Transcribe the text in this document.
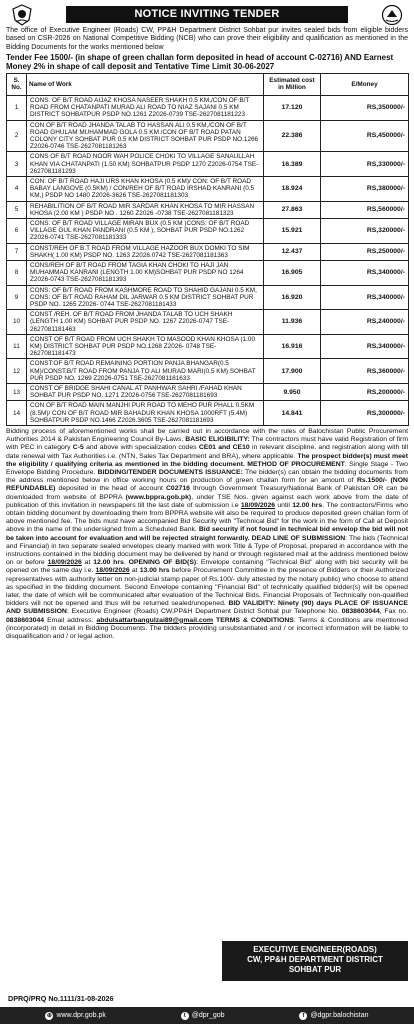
NOTICE INVITING TENDER

The office of Executive Engineer (Roads) CW, PP&H Department District Sohbat pur invites sealed bids from eligible bidders based on CSR-2026 on National Competitive Bidding (NCB) who can prove their eligibility and qualification as mentioned in the Bidding Documents for the works mentioned below

Tender Fee 1500/- (in shape of green challan form deposited in head of account C-02716) AND Earnest Money 2% in shape of call deposit and Tentative Time Limit 30-06-2027

S. No.	Name of Work	Estimated cost in Million	E/Money
1	CONS. OF B/T ROAD AIJAZ KHOSA NASEER SHAKH 0.5 KM,/CON OF B/T ROAD FROM CHATANPATI MURAD ALI ROAD TO NIAZ SAJANI 0.5 KM DISTRICT SOHBATPUR PSDP NO.1261 Z2026-0739 TSE-2627081181223	17.120	RS,350000/-
2	CON OF B/T ROAD JHANDA TALAB TO HASSAN ALI 0.5 KM,/CON OF B/T ROAD GHULAM MUHAMMAD GOLA 0.5 KM /CON OF B/T ROAD PATAN COLONY CITY SOHBAT PUR 0.5 KM DISTRICT SOHBAT PUR PSDP NO.1266 Z2026-0746 TSE-2627081181263	22.386	RS,450000/-
3	CONS OF B/T ROAD NOOR WAH POLICE CHOKI TO VILLAGE SANAULLAH KHAN VIA CHATANPATI (1.50 KM) SOHBATPUR PSDP 1270 Z2026-0754 TSE-2627081181293	16.389	RS,330000/-
4	CON: OF B/T ROAD HAJI URS KHAN KHOSA (0.5 KM)/ CON: OF B/T ROAD BABAY LANGOVE (0.5KM) / CON/REH OF B/T ROAD IRSHAD KANRANI (0.5 KM,) PSDP NO 1480 Z2026-3626 TSE-2627081181303	18.924	RS,380000/-
5	REHABILITION OF B/T ROAD MIR SARDAR KHAN KHOSA TO MIR HASSAN KHOSA (2.00 KM ) PSDP NO . 1260 Z2026 -0738 TSE-2627081181323	27.863	RS,560000/-
6	CONS: OF B/T ROAD VILLAGE MIRAN BUX (0.5 KM )CONS: OF B/T ROAD VILLAGE GUL KHAN PANDRANI (0.5 KM ), SOHBAT PUR PSDP NO.1262 Z2026-0741 TSE-2627081181333	15.921	RS,320000/-
7	CONST/REH OF B.T ROAD FROM VILLAGE HAZOOR BUX DOMKI TO SIM SHAKH( 1.00 KM) PSDP NO. 1263 Z2026.0742 TSE-2627081181363	12.437	RS,250000/-
8	CONS/REH OF B/T ROAD FROM TAGIA KHAN CHOKI TO HAJI JAN MUHAMMAD KANRANI (LENGTH 1.00 KM)SOHBAT PUR PSDP NO 1264 Z2026-0743 TSE-2627081181393	16.905	RS,340000/-
9	CONS: OF B/T ROAD FROM KASHMORE ROAD TO SHAHID GAJANI 0.5 KM, CONS: OF B/T ROAD RAHAM DIL JARWAR 0.5 KM DISTRICT SOHBAT PUR PSDP NO. 1265 Z2026- 0744 TSE-2627081181433	16.920	RS,340000/-
10	CONST /REH. OF B/T ROAD FROM JHANDA TALAB TO UCH SHAKH (LENGTH 1.00 KM) SOHBAT PUR PSDP NO. 1267 Z2026-0747 TSE-2627081181463	11.936	RS,240000/-
11	CONST OF B/T ROAD FROM UCH SHAKH TO MASOOD KHAN KHOSA (1.00 KM) DISTRICT SOHBAT PUR PSDP NO.1268 Z2026- 0748 TSE-2627081181473	16.916	RS,340000/-
12	CONST:OF B/T ROAD REMAINING PORTION PANJA BHANGAR(0.5 KM)/CONST:B/T ROAD FROM PANJA TO ALI MURAD MARI(0.5 KM) SOHBAT PUR PSDP NO. 1269 Z2026-0751 TSE-2627081181633	17.900	RS,360000/-
13	CONST OF BRIDGE SHAHI CANAL AT PANHWAR SAHRI /FAHAD KHAN SOHBAT PUR PSDP NO. 1271 Z2026-0756 TSE-2627081181693	9.950	RS,200000/-
14	CON OF B/T ROAD MAIN MANJHI PUR ROAD TO MEHO PUR PHALL 0.5KM (8.5M)/ CON OF B/T ROAD MIR BAHADUR KHAN KHOSA 1000RFT (5.4M) SOHBATPUR PSDP NO.1466 Z2026.3605 TSE-2627081181693	14.841	RS,300000/-
Bidding process of aforementioned works shall be carried out in accordance with the rules of Balochistan Public Procurement Authorities 2014 & Pakistan Engineering Council By-Laws. BASIC ELIGIBILITY: The contractors must have valid Registration of firm with PEC in category C-5 and above with specialization codes CE01 and CE10 in relevant discipline. and registration along with till date renewal with Tax Authorities i.e. (NTN, Sales Tax Department and BRA), where applicable. The prospect bidder(s) must meet the eligibility / qualifying criteria as mentioned in the bidding document. METHOD OF PROCUREMENT: Single Stage - Two Envelope Bidding Procedure. BIDDING/TENDER DOCUMENTS ISSUANCE: The bidder(s) can obtain the bidding documents from the address mentioned below in office working hours on production of green challan form for an amount of Rs.1500/- (NON REFUNDABLE) deposited in the head of account C02716 through Government Treasury/National Bank of Pakistan OR can be downloaded from website of BPPRA (www.bppra.gob.pk), under TSE Nos. given against each work above from the date of publication of this invitation in newspapers till the last date of submission i.e 18/09/2026 until 12.00 hrs. The contractors/Firms who obtain bidding document by downloading them from BPPRA website will also be required to produce deposited green challan form of above mentioned fee. The bids must have accompanied Bid Security with "Technical Bid" for the work in the form of Call at Deposit above in the name of the undersigned from a Scheduled Bank. Bid security if not found in technical bid envelop the bid will not be taken into account for evaluation and will be rejected straight forwardly. DEAD LINE OF SUBMISSION: The bids (Technical and Financial) in two separate sealed envelopes clearly marked with work Title & Type of Proposal, prepared in accordance with the instructions contained in the bidding document may be delivered by hand or through registered mail at the address mentioned below on or before 18/09/2026 at 12.00 hrs. OPENING OF BID(S): Envelope containing "Technical Bid" along with bid security will be opened on the same day i.e. 18/09/2026 at 13.00 hrs before Procurement Committee in the presence of Bidders or their Authorized representatives with authority letter on non-judicial stamp paper of Rs.100/- duly attested by the notary public) who choose to attend as specified in the bidding document. Second Envelope containing "Financial Bid" of technically qualified bidder(s) will be opened later, the date of which will be communicated after evaluation of the Technical Bids. Financial Proposals of Technically non-qualified bidders will not be opened and thus will be returned sealed/unopened. BID VALIDITY: Ninety (90) days PLACE OF ISSUANCE AND SUBMISSION: Executive Engineer (Roads) CW,PP&H Department District Sohbat pur Telephone No. 0838603044, Fax no. 0838603044 Email address: abdulsattarbangulzai89@gmail.com TERMS & CONDITIONS: Terms & Conditions are mentioned (incorporated) in detail in Bidding Documents. The bidders providing unsubstantiated and / or incorrect information will be liable to disqualification and / or legal action.
EXECUTIVE ENGINEER(ROADS)
CW, PP&H DEPARTMENT DISTRICT
SOHBAT PUR
DPRQ/PRQ No.1111/31-08-2026
⊕ www.dpr.gob.pk	t @dpr_gob	f @dgpr.balochistan
